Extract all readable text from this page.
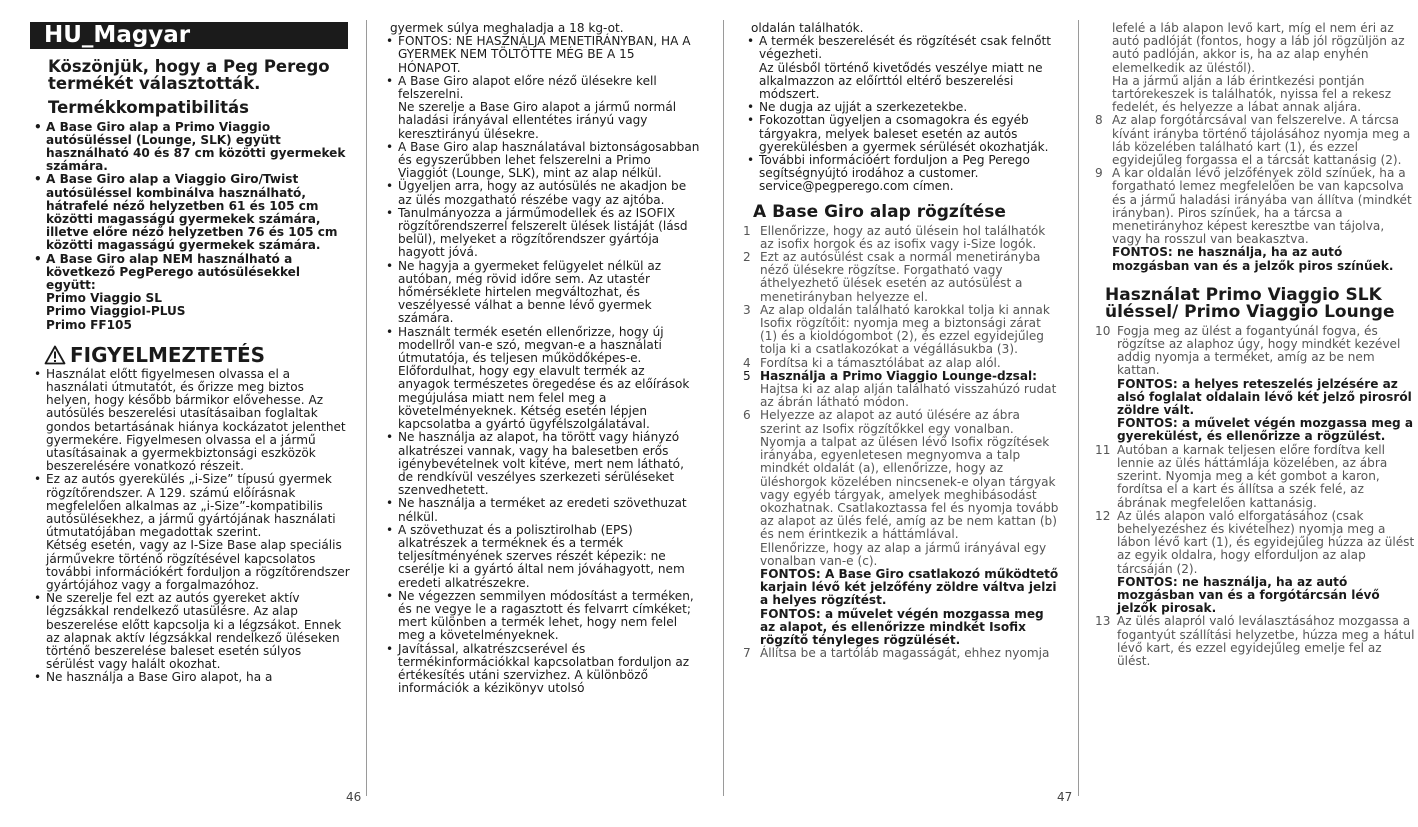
HU_Magyar
Köszönjük, hogy a Peg Perego termékét választották.
Termékkompatibilitás
• A Base Giro alap a Primo Viaggio autósüléssel (Lounge, SLK) együtt használható 40 és 87 cm közötti gyermekek számára.
• A Base Giro alap a Viaggio Giro/Twist autósüléssel kombinálva használható, hátrafelé néző helyzetben 61 és 105 cm közötti magasságú gyermekek számára, illetve előre néző helyzetben 76 és 105 cm közötti magasságú gyermekek számára.
• A Base Giro alap NEM használható a következő PegPerego autósülésekkel együtt:
Primo Viaggio SL
Primo ViaggioI-PLUS
Primo FF105
FIGYELMEZTETÉS
• Használat előtt figyelmesen olvassa el a használati útmutatót, és őrizze meg biztos helyen, hogy később bármikor elővehesse. Az autósülés beszerelési utasításaiban foglaltak gondos betartásának hiánya kockázatot jelenthet gyermekére. Figyelmesen olvassa el a jármű utasításainak a gyermekbiztonsági eszközök beszerelésére vonatkozó részeit.
• Ez az autós gyerekülés „i-Size” típusú gyermek rögzítőrendszer. A 129. számú előírásnak megfelelően alkalmas az „i-Size”-kompatibilis autósülésekhez, a jármű gyártójának használati útmutatójában megadottak szerint.
Kétség esetén, vagy az I-Size Base alap speciális járművekre történő rögzítésével kapcsolatos további információkért forduljon a rögzítőrendszer gyártójához vagy a forgalmazóhoz.
• Ne szerelje fel ezt az autós gyereket aktív légzsákkal rendelkező utasülésre. Az alap beszerelése előtt kapcsolja ki a légzsákot. Ennek az alapnak aktív légzsákkal rendelkező üléseken történő beszerelése baleset esetén súlyos sérülést vagy halált okozhat.
• Ne használja a Base Giro alapot, ha a
gyermek súlya meghaladja a 18 kg-ot.
• FONTOS: NE HASZNÁLJA MENETIRÁNYBAN, HA A GYERMEK NEM TÖLTÖTTE MÉG BE A 15 HÓNAPOT.
• A Base Giro alapot előre néző ülésekre kell felszerelni.
Ne szerelje a Base Giro alapot a jármű normál haladási irányával ellentétes irányú vagy keresztirányú ülésekre.
• A Base Giro alap használatával biztonságosabban és egyszerűbben lehet felszerelni a Primo Viaggiót (Lounge, SLK), mint az alap nélkül.
• Ügyeljen arra, hogy az autósülés ne akadjon be az ülés mozgatható részébe vagy az ajtóba.
• Tanulmányozza a járműmodellek és az ISOFIX rögzítőrendszerrel felszerelt ülések listáját (lásd belül), melyeket a rögzítőrendszer gyártója hagyott jóvá.
• Ne hagyja a gyermeket felügyelet nélkül az autóban, még rövid időre sem. Az utastér hőmérséklete hirtelen megváltozhat, és veszélyessé válhat a benne lévő gyermek számára.
• Használt termék esetén ellenőrizze, hogy új modellről van-e szó, megvan-e a használati útmutatója, és teljesen működőképes-e. Előfordulhat, hogy egy elavult termék az anyagok természetes öregedése és az előírások megújulása miatt nem felel meg a követelményeknek. Kétség esetén lépjen kapcsolatba a gyártó ügyfélszolgálatával.
• Ne használja az alapot, ha törött vagy hiányzó alkatrészei vannak, vagy ha balesetben erős igénybevételnek volt kitéve, mert nem látható, de rendkívül veszélyes szerkezeti sérüléseket szenvedhetett.
• Ne használja a terméket az eredeti szövethuzat nélkül.
• A szövethuzat és a polisztirolhab (EPS) alkatrészek a terméknek és a termék teljesítményének szerves részét képezik: ne cserélje ki a gyártó által nem jóváhagyott, nem eredeti alkatrészekre.
• Ne végezzen semmilyen módosítást a terméken, és ne vegye le a ragasztott és felvarrt címkéket; mert különben a termék lehet, hogy nem felel meg a követelményeknek.
• Javítással, alkatrészcserével és termékinformációkkal kapcsolatban forduljon az értékesítés utáni szervizhez. A különböző információk a kézikönyv utolsó
46
oldalán találhatók.
• A termék beszerelését és rögzítését csak felnőtt végezheti.
Az ülésből történő kivetődés veszélye miatt ne alkalmazzon az előírttól eltérő beszerelési módszert.
• Ne dugja az ujját a szerkezetekbe.
• Fokozottan ügyeljen a csomagokra és egyéb tárgyakra, melyek baleset esetén az autós gyerekülésben a gyermek sérülését okozhatják.
• További információért forduljon a Peg Perego segítségnyújtó irodához a customer. service@pegperego.com címen.
A Base Giro alap rögzítése
1 Ellenőrizze, hogy az autó ülésein hol találhatók az isofix horgok és az isofix vagy i-Size logók.
2 Ezt az autósülést csak a normál menetirányba néző ülésekre rögzítse. Forgatható vagy áthelyezhető ülések esetén az autósülést a menetirányban helyezze el.
3 Az alap oldalán található karokkal tolja ki annak Isofix rögzítőit: nyomja meg a biztonsági zárat (1) és a kioldógombot (2), és ezzel egyidejűleg tolja ki a csatlakozókat a végállásukba (3).
4 Fordítsa ki a támasztólábat az alap alól.
5 Használja a Primo Viaggio Lounge-dzsal:
Hajtsa ki az alap alján található visszahúzó rudat az ábrán látható módon.
6 Helyezze az alapot az autó ülésére az ábra szerint az Isofix rögzítőkkel egy vonalban. Nyomja a talpat az ülésen lévő Isofix rögzítések irányába, egyenletesen megnyomva a talp mindkét oldalát (a), ellenőrizze, hogy az üléshorgok közelében nincsenek-e olyan tárgyak vagy egyéb tárgyak, amelyek meghibásodást okozhatnak. Csatlakoztassa fel és nyomja tovább az alapot az ülés felé, amíg az be nem kattan (b) és nem érintkezik a háttámlával.
Ellenőrizze, hogy az alap a jármű irányával egy vonalban van-e (c).
FONTOS: A Base Giro csatlakozó működtető karjain lévő két jelzőfény zöldre váltva jelzi a helyes rögzítést.
FONTOS: a művelet végén mozgassa meg az alapot, és ellenőrizze mindkét Isofix rögzítő tényleges rögzülését.
7 Állítsa be a tartóláb magasságát, ehhez nyomja
47
lefelé a láb alapon levő kart, míg el nem éri az autó padlóját (fontos, hogy a láb jól rögzüljön az autó padlóján, akkor is, ha az alap enyhén elemelkedik az üléstől).
Ha a jármű alján a láb érintkezési pontján tartórekeszek is találhatók, nyissa fel a rekesz fedelét, és helyezze a lábat annak aljára.
8 Az alap forgótárcsával van felszerelve. A tárcsa kívánt irányba történő tájolásához nyomja meg a láb közelében található kart (1), és ezzel egyidejűleg forgassa el a tárcsát kattanásig (2).
9 A kar oldalán lévő jelzőfények zöld színűek, ha a forgatható lemez megfelelően be van kapcsolva és a jármű haladási irányába van állítva (mindkét irányban). Piros színűek, ha a tárcsa a menetirányhoz képest keresztbe van tájolva, vagy ha rosszul van beakasztva.
FONTOS: ne használja, ha az autó mozgásban van és a jelzők piros színűek.
Használat Primo Viaggio SLK üléssel/ Primo Viaggio Lounge
10 Fogja meg az ülést a fogantyúnál fogva, és rögzítse az alaphoz úgy, hogy mindkét kezével addig nyomja a terméket, amíg az be nem kattan.
FONTOS: a helyes reteszelés jelzésére az alsó foglalat oldalain lévő két jelző pirosról zöldre vált.
FONTOS: a művelet végén mozgassa meg a gyerekülést, és ellenőrizze a rögzülést.
11 Autóban a karnak teljesen előre fordítva kell lennie az ülés háttámlája közelében, az ábra szerint. Nyomja meg a két gombot a karon, fordítsa el a kart és állítsa a szék felé, az ábrának megfelelően kattanásig.
12 Az ülés alapon való elforgatásához (csak behelyezéshez és kivételhez) nyomja meg a lábon lévő kart (1), és egyidejűleg húzza az ülést az egyik oldalra, hogy elforduljon az alap tárcsáján (2).
FONTOS: ne használja, ha az autó mozgásban van és a forgótárcsán lévő jelzők pirosak.
13 Az ülés alapról való leválasztásához mozgassa a fogantyút szállítási helyzetbe, húzza meg a hátul lévő kart, és ezzel egyidejűleg emelje fel az ülést.
